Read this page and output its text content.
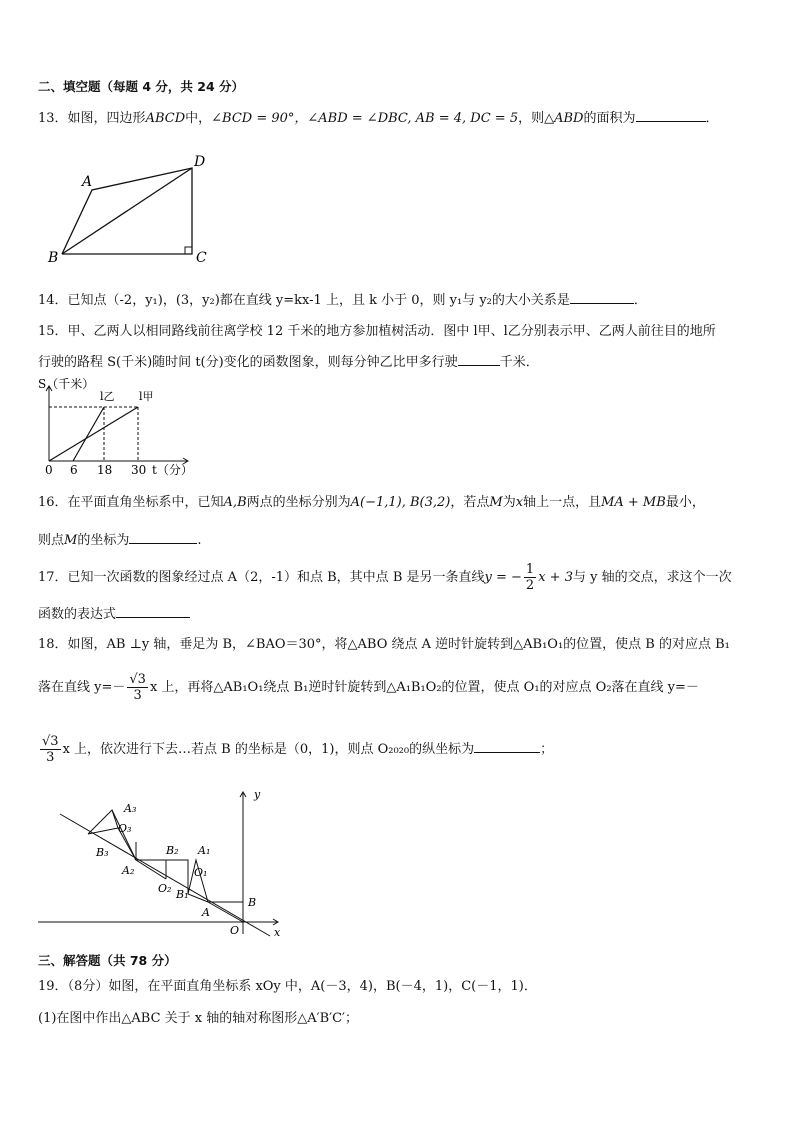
二、填空题（每题 4 分，共 24 分）
13．如图，四边形ABCD中，∠BCD = 90°，∠ABD = ∠DBC, AB = 4, DC = 5，则△ABD的面积为	．
A
B	C
D
14．已知点（-2，y₁)，(3，y₂)都在直线 y=kx-1 上，且 k 小于 0，则 y₁与 y₂的大小关系是	．
15．甲、乙两人以相同路线前往离学校 12 千米的地方参加植树活动．图中 l甲、l乙分别表示甲、乙两人前往目的地所
行驶的路程 S(千米)随时间 t(分)变化的函数图象，则每分钟乙比甲多行驶	千米．
S（千米）
l乙 l甲
0 6 18 30 t（分）
16．在平面直角坐标系中，已知A,B两点的坐标分别为A(−1,1), B(3,2)，若点M为x轴上一点，且MA + MB最小，
则点M的坐标为	.
17．已知一次函数的图象经过点 A（2，-1）和点 B，其中点 B 是另一条直线y = − $\frac{1}{2}$ x + 3与 y 轴的交点，求这个一次
函数的表达式
18．如图，AB ⊥y 轴，垂足为 B，∠BAO＝30°，将△ABO 绕点 A 逆时针旋转到△AB₁O₁的位置，使点 B 的对应点 B₁
落在直线 $y=- \frac{√3}{3}$ x 上，再将△AB₁O₁绕点 B₁逆时针旋转到△A₁B₁O₂的位置，使点 O₁的对应点 O₂落在直线 y=－
$\frac{√3}{3}$ x 上，依次进行下去…若点 B 的坐标是（0，1)，则点 O₂₀₂₀的纵坐标为	；
y
x
O
B
A
B₁
O₁
A₁
O₂
A₂
B₂
B₃
O₃
A₃
三、解答题（共 78 分）
19．（8分）如图，在平面直角坐标系 xOy 中，A(－3，4)，B(－4，1)，C(－1，1)．
(1)在图中作出△ABC 关于 x 轴的轴对称图形△A′B′C′；
